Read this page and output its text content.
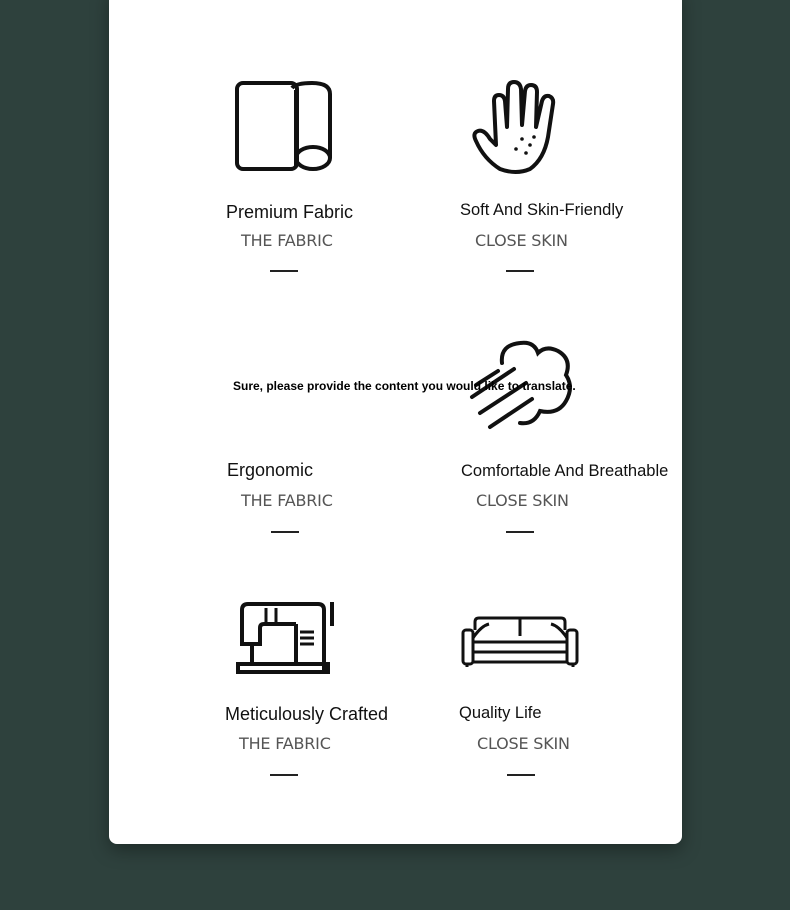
Premium Fabric
THE FABRIC
Soft And Skin-Friendly
CLOSE SKIN
Sure, please provide the content you would like to translate.
Ergonomic
THE FABRIC
Comfortable And Breathable
CLOSE SKIN
Meticulously Crafted
THE FABRIC
Quality Life
CLOSE SKIN
